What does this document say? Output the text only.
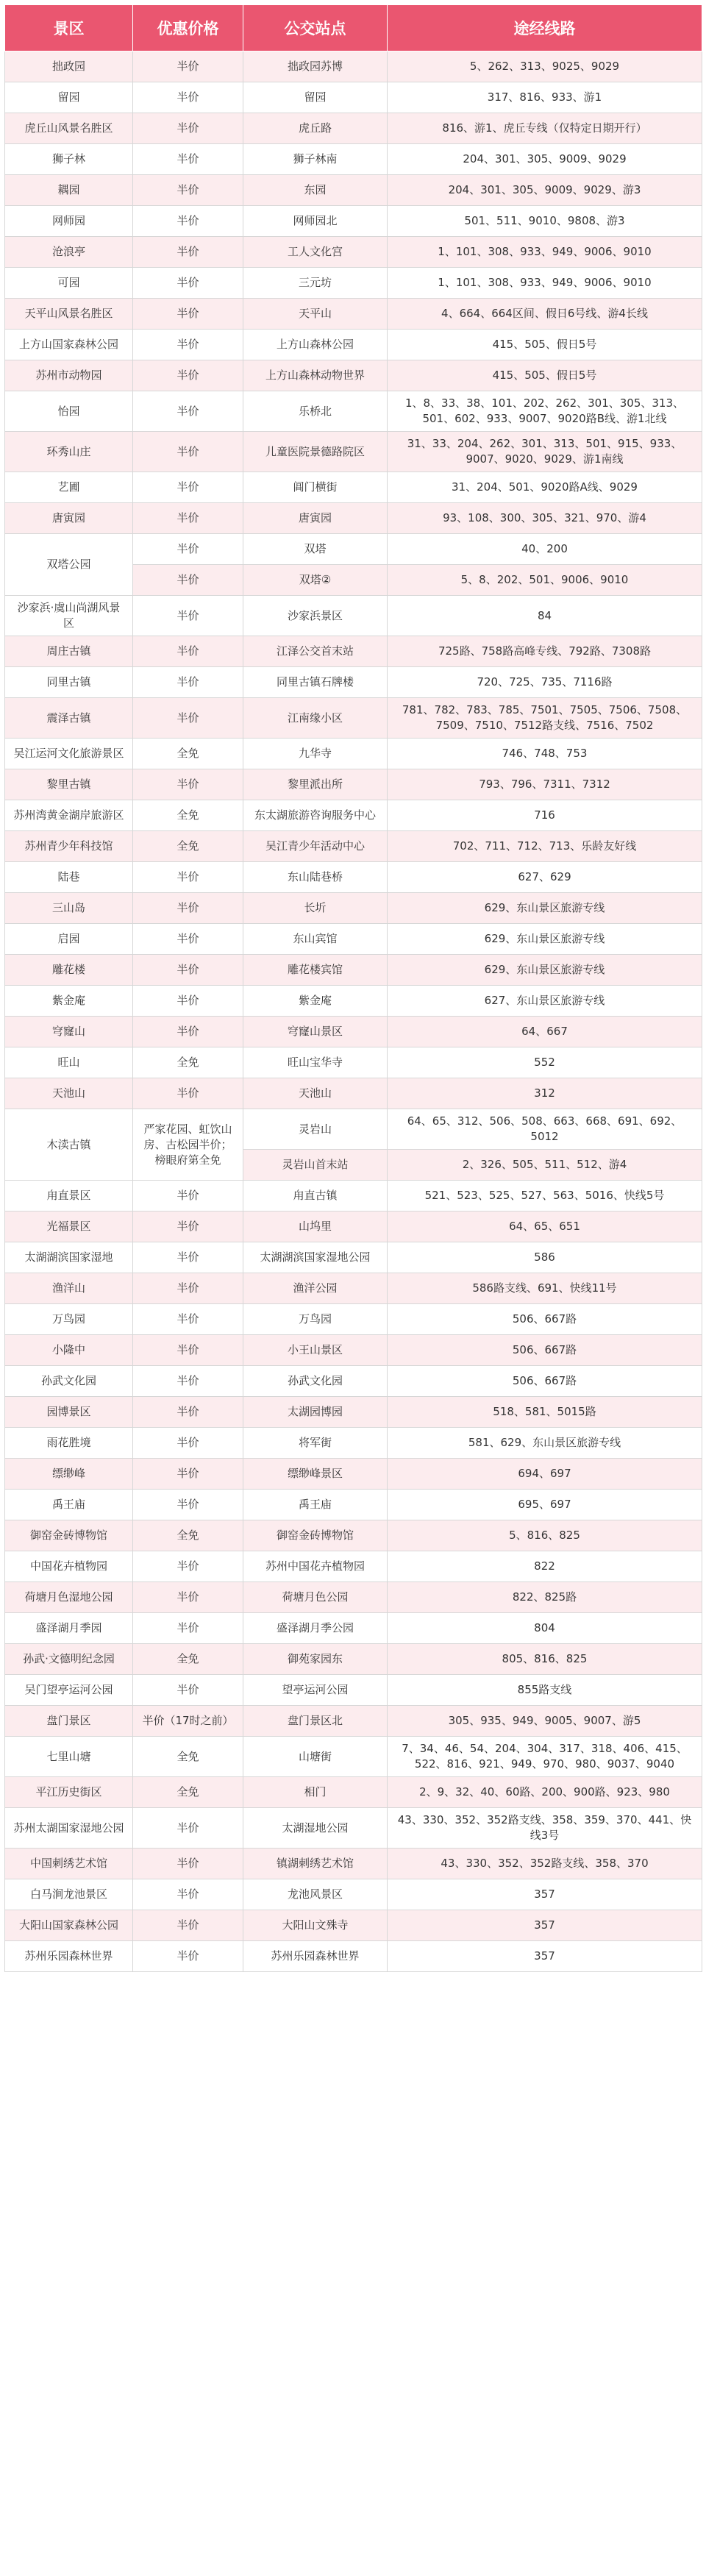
景区	优惠价格	公交站点	途经线路
拙政园	半价	拙政园苏博	5、262、313、9025、9029
留园	半价	留园	317、816、933、游1
虎丘山风景名胜区	半价	虎丘路	816、游1、虎丘专线（仅特定日期开行）
狮子林	半价	狮子林南	204、301、305、9009、9029
耦园	半价	东园	204、301、305、9009、9029、游3
网师园	半价	网师园北	501、511、9010、9808、游3
沧浪亭	半价	工人文化宫	1、101、308、933、949、9006、9010
可园	半价	三元坊	1、101、308、933、949、9006、9010
天平山风景名胜区	半价	天平山	4、664、664区间、假日6号线、游4长线
上方山国家森林公园	半价	上方山森林公园	415、505、假日5号
苏州市动物园	半价	上方山森林动物世界	415、505、假日5号
怡园	半价	乐桥北	1、8、33、38、101、202、262、301、305、313、501、602、933、9007、9020路B线、游1北线
环秀山庄	半价	儿童医院景德路院区	31、33、204、262、301、313、501、915、933、9007、9020、9029、游1南线
艺圃	半价	阊门横街	31、204、501、9020路A线、9029
唐寅园	半价	唐寅园	93、108、300、305、321、970、游4
双塔公园	半价	双塔	40、200
	半价	双塔②	5、8、202、501、9006、9010
沙家浜·虞山尚湖风景区	半价	沙家浜景区	84
周庄古镇	半价	江泽公交首末站	725路、758路高峰专线、792路、7308路
同里古镇	半价	同里古镇石牌楼	720、725、735、7116路
震泽古镇	半价	江南缘小区	781、782、783、785、7501、7505、7506、7508、7509、7510、7512路支线、7516、7502
吴江运河文化旅游景区	全免	九华寺	746、748、753
黎里古镇	半价	黎里派出所	793、796、7311、7312
苏州湾黄金湖岸旅游区	全免	东太湖旅游咨询服务中心	716
苏州青少年科技馆	全免	吴江青少年活动中心	702、711、712、713、乐龄友好线
陆巷	半价	东山陆巷桥	627、629
三山岛	半价	长圻	629、东山景区旅游专线
启园	半价	东山宾馆	629、东山景区旅游专线
雕花楼	半价	雕花楼宾馆	629、东山景区旅游专线
紫金庵	半价	紫金庵	627、东山景区旅游专线
穹窿山	半价	穹窿山景区	64、667
旺山	全免	旺山宝华寺	552
天池山	半价	天池山	312
木渎古镇	严家花园、虹饮山房、古松园半价；榜眼府第全免	灵岩山	64、65、312、506、508、663、668、691、692、5012
		灵岩山首末站	2、326、505、511、512、游4
甪直景区	半价	甪直古镇	521、523、525、527、563、5016、快线5号
光福景区	半价	山坞里	64、65、651
太湖湖滨国家湿地	半价	太湖湖滨国家湿地公园	586
渔洋山	半价	渔洋公园	586路支线、691、快线11号
万鸟园	半价	万鸟园	506、667路
小隆中	半价	小王山景区	506、667路
孙武文化园	半价	孙武文化园	506、667路
园博景区	半价	太湖园博园	518、581、5015路
雨花胜境	半价	将军街	581、629、东山景区旅游专线
缥缈峰	半价	缥缈峰景区	694、697
禹王庙	半价	禹王庙	695、697
御窑金砖博物馆	全免	御窑金砖博物馆	5、816、825
中国花卉植物园	半价	苏州中国花卉植物园	822
荷塘月色湿地公园	半价	荷塘月色公园	822、825路
盛泽湖月季园	半价	盛泽湖月季公园	804
孙武·文德明纪念园	全免	御苑家园东	805、816、825
吴门望亭运河公园	半价	望亭运河公园	855路支线
盘门景区	半价（17时之前）	盘门景区北	305、935、949、9005、9007、游5
七里山塘	全免	山塘街	7、34、46、54、204、304、317、318、406、415、522、816、921、949、970、980、9037、9040
平江历史街区	全免	相门	2、9、32、40、60路、200、900路、923、980
苏州太湖国家湿地公园	半价	太湖湿地公园	43、330、352、352路支线、358、359、370、441、快线3号
中国刺绣艺术馆	半价	镇湖刺绣艺术馆	43、330、352、352路支线、358、370
白马涧龙池景区	半价	龙池风景区	357
大阳山国家森林公园	半价	大阳山文殊寺	357
苏州乐园森林世界	半价	苏州乐园森林世界	357
